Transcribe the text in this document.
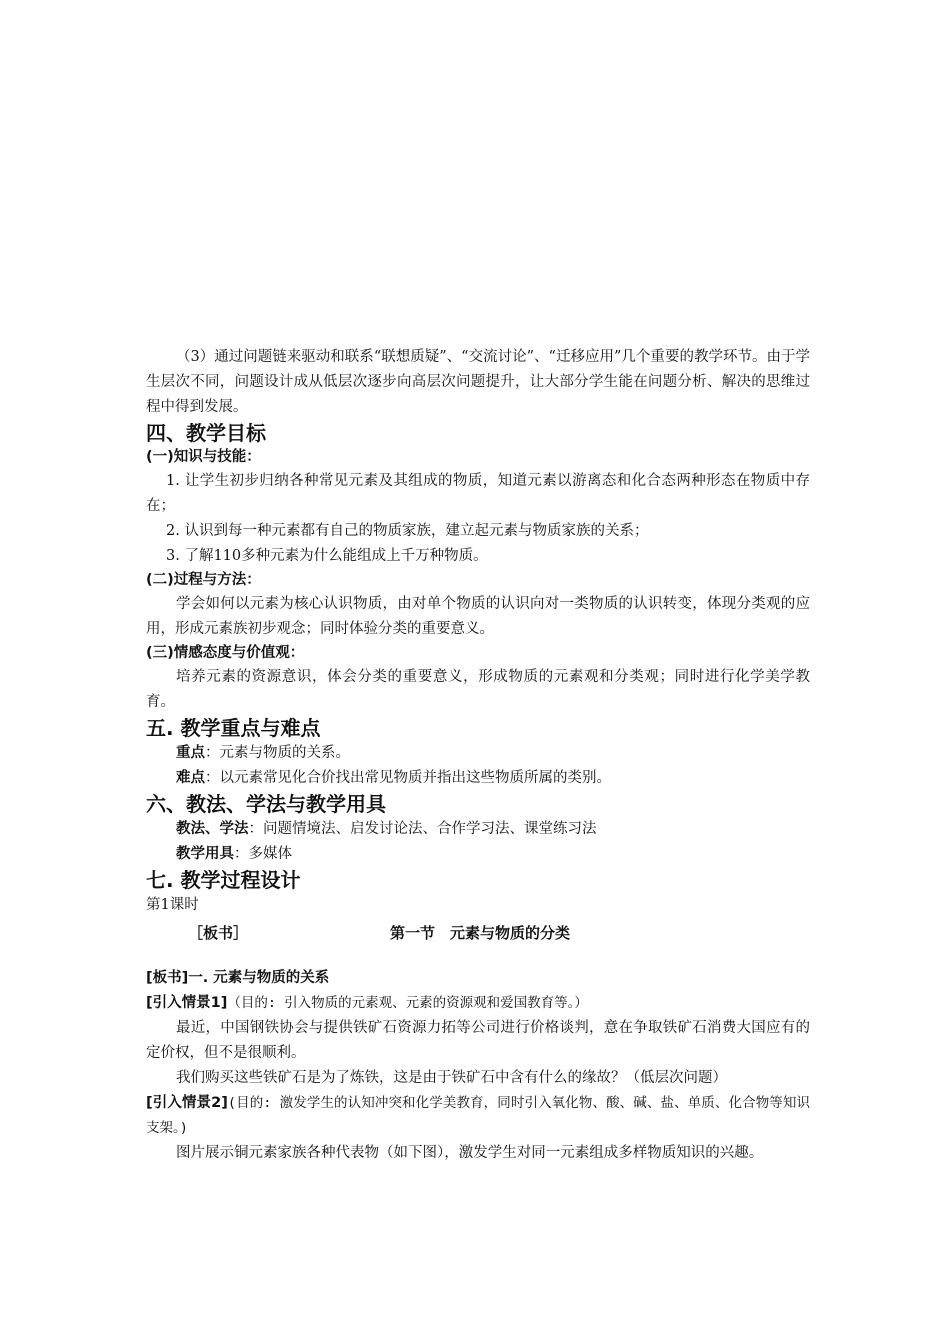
（3）通过问题链来驱动和联系“联想质疑”、“交流讨论”、“迁移应用”几个重要的教学环节。由于学生层次不同，问题设计成从低层次逐步向高层次问题提升，让大部分学生能在问题分析、解决的思维过程中得到发展。

四、教学目标
(一)知识与技能：

1. 让学生初步归纳各种常见元素及其组成的物质，知道元素以游离态和化合态两种形态在物质中存在；

2. 认识到每一种元素都有自己的物质家族，建立起元素与物质家族的关系；

3. 了解110多种元素为什么能组成上千万种物质。

(二)过程与方法：

学会如何以元素为核心认识物质，由对单个物质的认识向对一类物质的认识转变，体现分类观的应用，形成元素族初步观念；同时体验分类的重要意义。

(三)情感态度与价值观：

培养元素的资源意识，体会分类的重要意义，形成物质的元素观和分类观；同时进行化学美学教育。

五. 教学重点与难点

重点：元素与物质的关系。

难点：以元素常见化合价找出常见物质并指出这些物质所属的类别。

六、教法、学法与教学用具

教法、学法：问题情境法、启发讨论法、合作学习法、课堂练习法

教学用具：多媒体

七. 教学过程设计

第1课时

［板书］	第一节　元素与物质的分类

[板书]一. 元素与物质的关系

[引入情景1]（目的: 引入物质的元素观、元素的资源观和爱国教育等。）

最近，中国钢铁协会与提供铁矿石资源力拓等公司进行价格谈判，意在争取铁矿石消费大国应有的定价权，但不是很顺利。

我们购买这些铁矿石是为了炼铁，这是由于铁矿石中含有什么的缘故？（低层次问题）

[引入情景2](目的: 激发学生的认知冲突和化学美教育，同时引入氧化物、酸、碱、盐、单质、化合物等知识支架。)

图片展示铜元素家族各种代表物（如下图），激发学生对同一元素组成多样物质知识的兴趣。
